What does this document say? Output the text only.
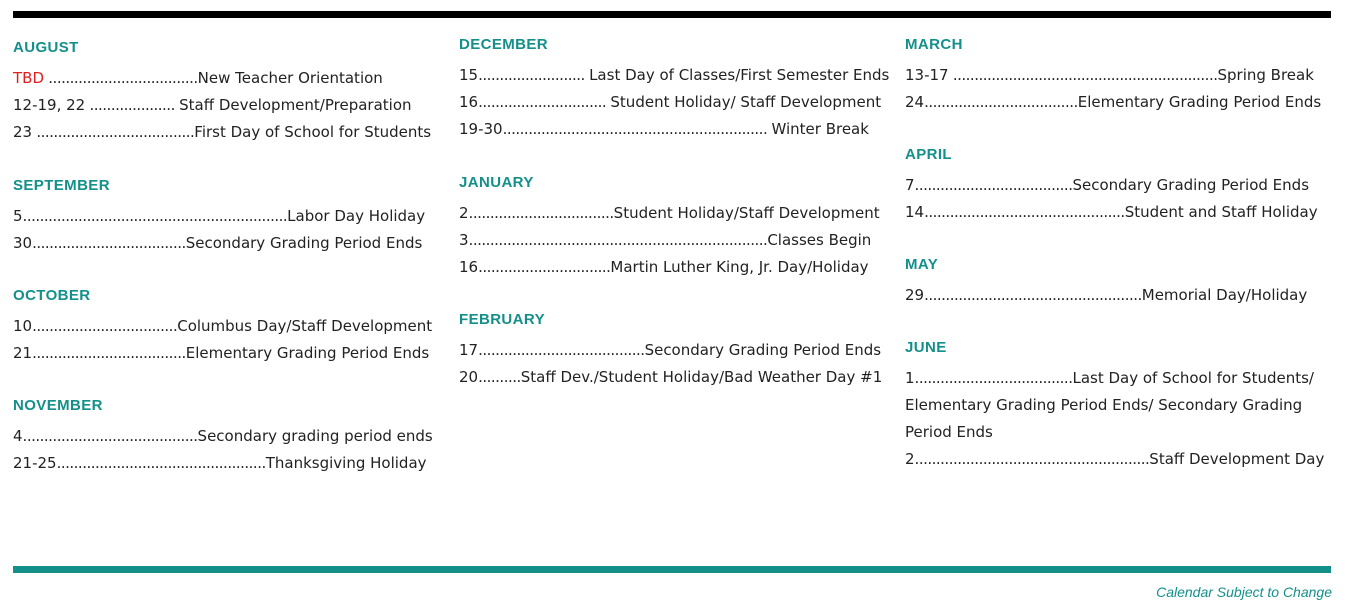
AUGUST
TBD ...................................New Teacher Orientation
12-19, 22 .................... Staff Development/Preparation
23 .....................................First Day of School for Students
SEPTEMBER
5..............................................................Labor Day Holiday
30....................................Secondary Grading Period Ends
OCTOBER
10..................................Columbus Day/Staff Development
21....................................Elementary Grading Period Ends
NOVEMBER
4.........................................Secondary grading period ends
21-25.................................................Thanksgiving Holiday
DECEMBER
15......................... Last Day of Classes/First Semester Ends
16.............................. Student Holiday/ Staff Development
19-30.............................................................. Winter Break
JANUARY
2..................................Student Holiday/Staff Development
3......................................................................Classes Begin
16...............................Martin Luther King, Jr. Day/Holiday
FEBRUARY
17.......................................Secondary Grading Period Ends
20..........Staff Dev./Student Holiday/Bad Weather Day #1
MARCH
13-17 ..............................................................Spring Break
24....................................Elementary Grading Period Ends
APRIL
7.....................................Secondary Grading Period Ends
14...............................................Student and Staff Holiday
MAY
29...................................................Memorial Day/Holiday
JUNE
1.....................................Last Day of School for Students/ Elementary Grading Period Ends/ Secondary Grading Period Ends
2.......................................................Staff Development Day
Calendar Subject to Change
